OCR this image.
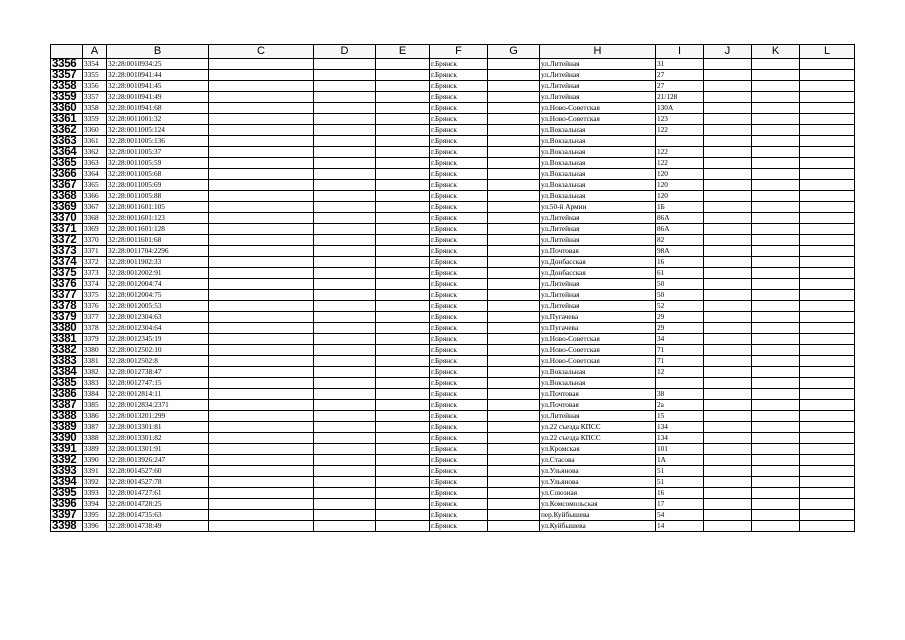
	A	B	C	D	E	F	G	H	I	J	K	L
3356	3354	32:28:0010934:25				г.Брянск		ул.Литейная	31			
3357	3355	32:28:0010941:44				г.Брянск		ул.Литейная	27			
3358	3356	32:28:0010941:45				г.Брянск		ул.Литейная	27			
3359	3357	32:28:0010941:49				г.Брянск		ул.Литейная	21/128			
3360	3358	32:28:0010941:68				г.Брянск		ул.Ново-Советская	130А			
3361	3359	32:28:0011001:32				г.Брянск		ул.Ново-Советская	123			
3362	3360	32:28:0011005:124				г.Брянск		ул.Вокзальная	122			
3363	3361	32:28:0011005:136				г.Брянск		ул.Вокзальная				
3364	3362	32:28:0011005:37				г.Брянск		ул.Вокзальная	122			
3365	3363	32:28:0011005:59				г.Брянск		ул.Вокзальная	122			
3366	3364	32:28:0011005:68				г.Брянск		ул.Вокзальная	120			
3367	3365	32:28:0011005:69				г.Брянск		ул.Вокзальная	120			
3368	3366	32:28:0011005:88				г.Брянск		ул.Вокзальная	120			
3369	3367	32:28:0011601:105				г.Брянск		ул.50-й Армии	1Б			
3370	3368	32:28:0011601:123				г.Брянск		ул.Литейная	86А			
3371	3369	32:28:0011601:128				г.Брянск		ул.Литейная	86А			
3372	3370	32:28:0011601:68				г.Брянск		ул.Литейная	82			
3373	3371	32:28:0011704:2296				г.Брянск		ул.Почтовая	98А			
3374	3372	32:28:0011902:33				г.Брянск		ул.Донбасская	16			
3375	3373	32:28:0012002:91				г.Брянск		ул.Донбасская	61			
3376	3374	32:28:0012004:74				г.Брянск		ул.Литейная	50			
3377	3375	32:28:0012004:75				г.Брянск		ул.Литейная	50			
3378	3376	32:28:0012005:53				г.Брянск		ул.Литейная	52			
3379	3377	32:28:0012304:63				г.Брянск		ул.Пугачева	29			
3380	3378	32:28:0012304:64				г.Брянск		ул.Пугачева	29			
3381	3379	32:28:0012345:19				г.Брянск		ул.Ново-Советская	34			
3382	3380	32:28:0012502:10				г.Брянск		ул.Ново-Советская	71			
3383	3381	32:28:0012502:8				г.Брянск		ул.Ново-Советская	71			
3384	3382	32:28:0012738:47				г.Брянск		ул.Вокзальная	12			
3385	3383	32:28:0012747:15				г.Брянск		ул.Вокзальная				
3386	3384	32:28:0012814:11				г.Брянск		ул.Почтовая	38			
3387	3385	32:28:0012834:2371				г.Брянск		ул.Почтовая	2а			
3388	3386	32:28:0013201:299				г.Брянск		ул.Литейная	15			
3389	3387	32:28:0013301:81				г.Брянск		ул.22 съезда КПСС	134			
3390	3388	32:28:0013301:82				г.Брянск		ул.22 съезда КПСС	134			
3391	3389	32:28:0013301:91				г.Брянск		ул.Кромская	101			
3392	3390	32:28:0013926:247				г.Брянск		ул.Стасова	1А			
3393	3391	32:28:0014527:60				г.Брянск		ул.Ульянова	51			
3394	3392	32:28:0014527:78				г.Брянск		ул.Ульянова	51			
3395	3393	32:28:0014727:61				г.Брянск		ул.Союзная	16			
3396	3394	32:28:0014728:25				г.Брянск		ул.Комсомольская	17			
3397	3395	32:28:0014735:63				г.Брянск		пер.Куйбышева	54			
3398	3396	32:28:0014738:49				г.Брянск		ул.Куйбышева	14			
